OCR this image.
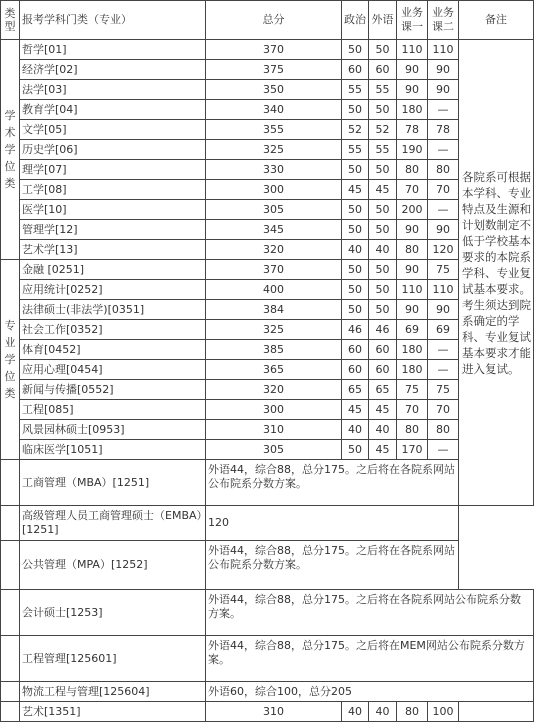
类型	报考学科门类（专业）	总分	政治	外语	业务课一	业务课二	备注
学术学位类	哲学[01]	370	50	50	110	110	各院系可根据本学科、专业特点及生源和计划数制定不低于学校基本要求的本院系学科、专业复试基本要求。考生须达到院系确定的学科、专业复试基本要求才能进入复试。
	经济学[02]	375	60	60	90	90	
	法学[03]	350	55	55	90	90	
	教育学[04]	340	50	50	180	—	
	文学[05]	355	52	52	78	78	
	历史学[06]	325	55	55	190	—	
	理学[07]	330	50	50	80	80	
	工学[08]	300	45	45	70	70	
	医学[10]	305	50	50	200	—	
	管理学[12]	345	50	50	90	90	
	艺术学[13]	320	40	40	80	120	
专业学位类	金融 [0251]	370	50	50	90	75	
	应用统计[0252]	400	50	50	110	110	
	法律硕士(非法学)[0351]	384	50	50	90	90	
	社会工作[0352]	325	46	46	69	69	
	体育[0452]	385	60	60	180	—	
	应用心理[0454]	365	60	60	180	—	
	新闻与传播[0552]	320	65	65	75	75	
	工程[085]	300	45	45	70	70	
	风景园林硕士[0953]	310	40	40	80	80	
	临床医学[1051]	305	50	45	170	—	
	工商管理（MBA）[1251]	外语44，综合88，总分175。之后将在各院系网站公布院系分数方案。					
	高级管理人员工商管理硕士（EMBA）[1251]	120					
	公共管理（MPA）[1252]	外语44，综合88，总分175。之后将在各院系网站公布院系分数方案。					
	会计硕士[1253]	外语44，综合88，总分175。之后将在各院系网站公布院系分数方案。					
	工程管理[125601]	外语44，综合88，总分175。之后将在MEM网站公布院系分数方案。					
	物流工程与管理[125604]	外语60，综合100，总分205					
	艺术[1351]	310	40	40	80	100	
